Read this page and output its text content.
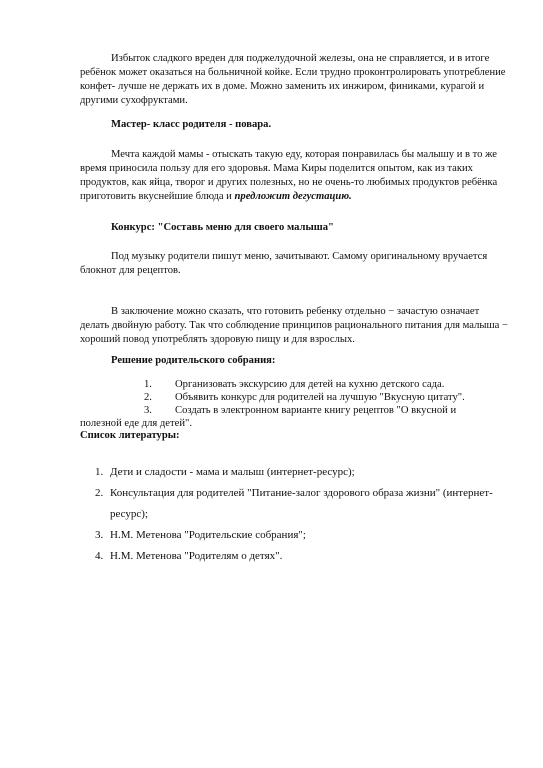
Избыток сладкого вреден для поджелудочной железы, она не справляется, и в итоге ребёнок может оказаться на больничной койке. Если трудно проконтролировать употребление конфет- лучше не держать их в доме. Можно заменить их инжиром, финиками, курагой и другими сухофруктами.

Мастер- класс родителя - повара.

Мечта каждой мамы - отыскать такую еду, которая понравилась бы малышу и в то же время приносила пользу для его здоровья. Мама Киры поделится опытом, как из таких продуктов, как яйца, творог и других полезных, но не очень-то любимых продуктов ребёнка приготовить вкуснейшие блюда и предложит дегустацию.

Конкурс: "Составь меню для своего малыша"

Под музыку родители пишут меню, зачитывают. Самому оригинальному вручается блокнот для рецептов.

В заключение можно сказать, что готовить ребенку отдельно − зачастую означает делать двойную работу. Так что соблюдение принципов рационального питания для малыша − хороший повод употреблять здоровую пищу и для взрослых.

Решение родительского собрания:
1. Организовать экскурсию для детей на кухню детского сада.
2. Объявить конкурс для родителей на лучшую "Вкусную цитату".
3. Создать в электронном варианте книгу рецептов "О вкусной и
полезной еде для детей".
Список литературы:
1. Дети и сладости - мама и малыш (интернет-ресурс);
2. Консультация для родителей "Питание-залог здорового образа жизни" (интернет-ресурс);
3. Н.М. Метенова "Родительские собрания";
4. Н.М. Метенова "Родителям о детях".
